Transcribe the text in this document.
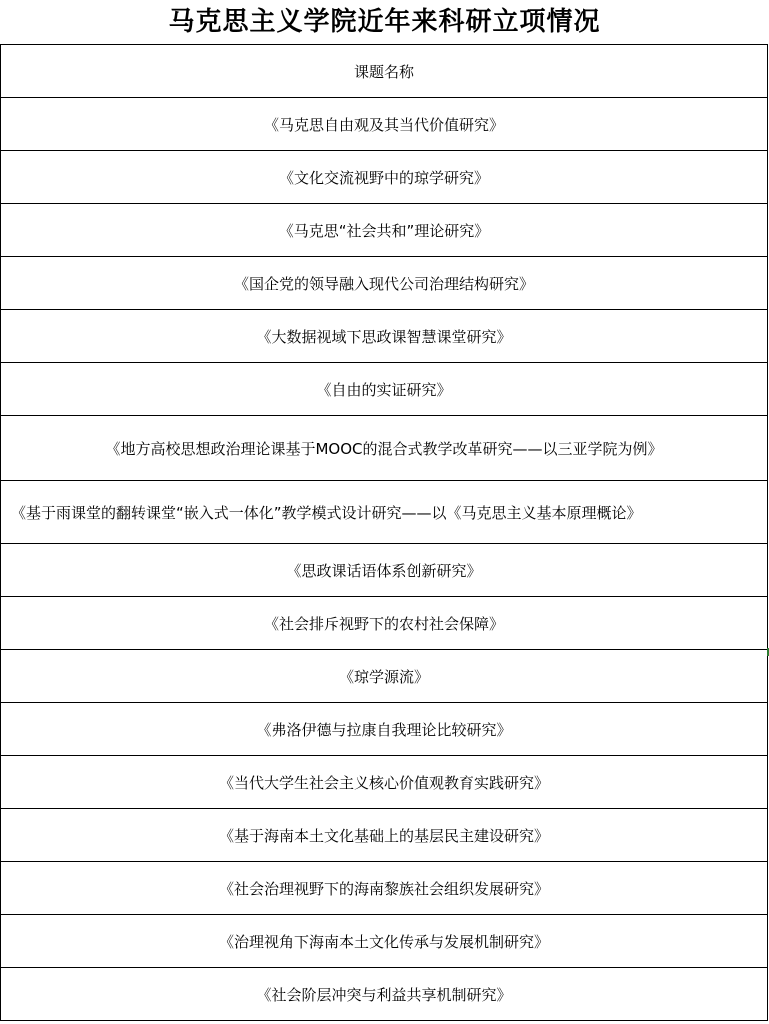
马克思主义学院近年来科研立项情况
课题名称
《马克思自由观及其当代价值研究》
《文化交流视野中的琼学研究》
《马克思“社会共和”理论研究》
《国企党的领导融入现代公司治理结构研究》
《大数据视域下思政课智慧课堂研究》
《自由的实证研究》
《地方高校思想政治理论课基于MOOC的混合式教学改革研究——以三亚学院为例》
《基于雨课堂的翻转课堂“嵌入式一体化”教学模式设计研究——以《马克思主义基本原理概论》
《思政课话语体系创新研究》
《社会排斥视野下的农村社会保障》
《琼学源流》
《弗洛伊德与拉康自我理论比较研究》
《当代大学生社会主义核心价值观教育实践研究》
《基于海南本土文化基础上的基层民主建设研究》
《社会治理视野下的海南黎族社会组织发展研究》
《治理视角下海南本土文化传承与发展机制研究》
《社会阶层冲突与利益共享机制研究》
